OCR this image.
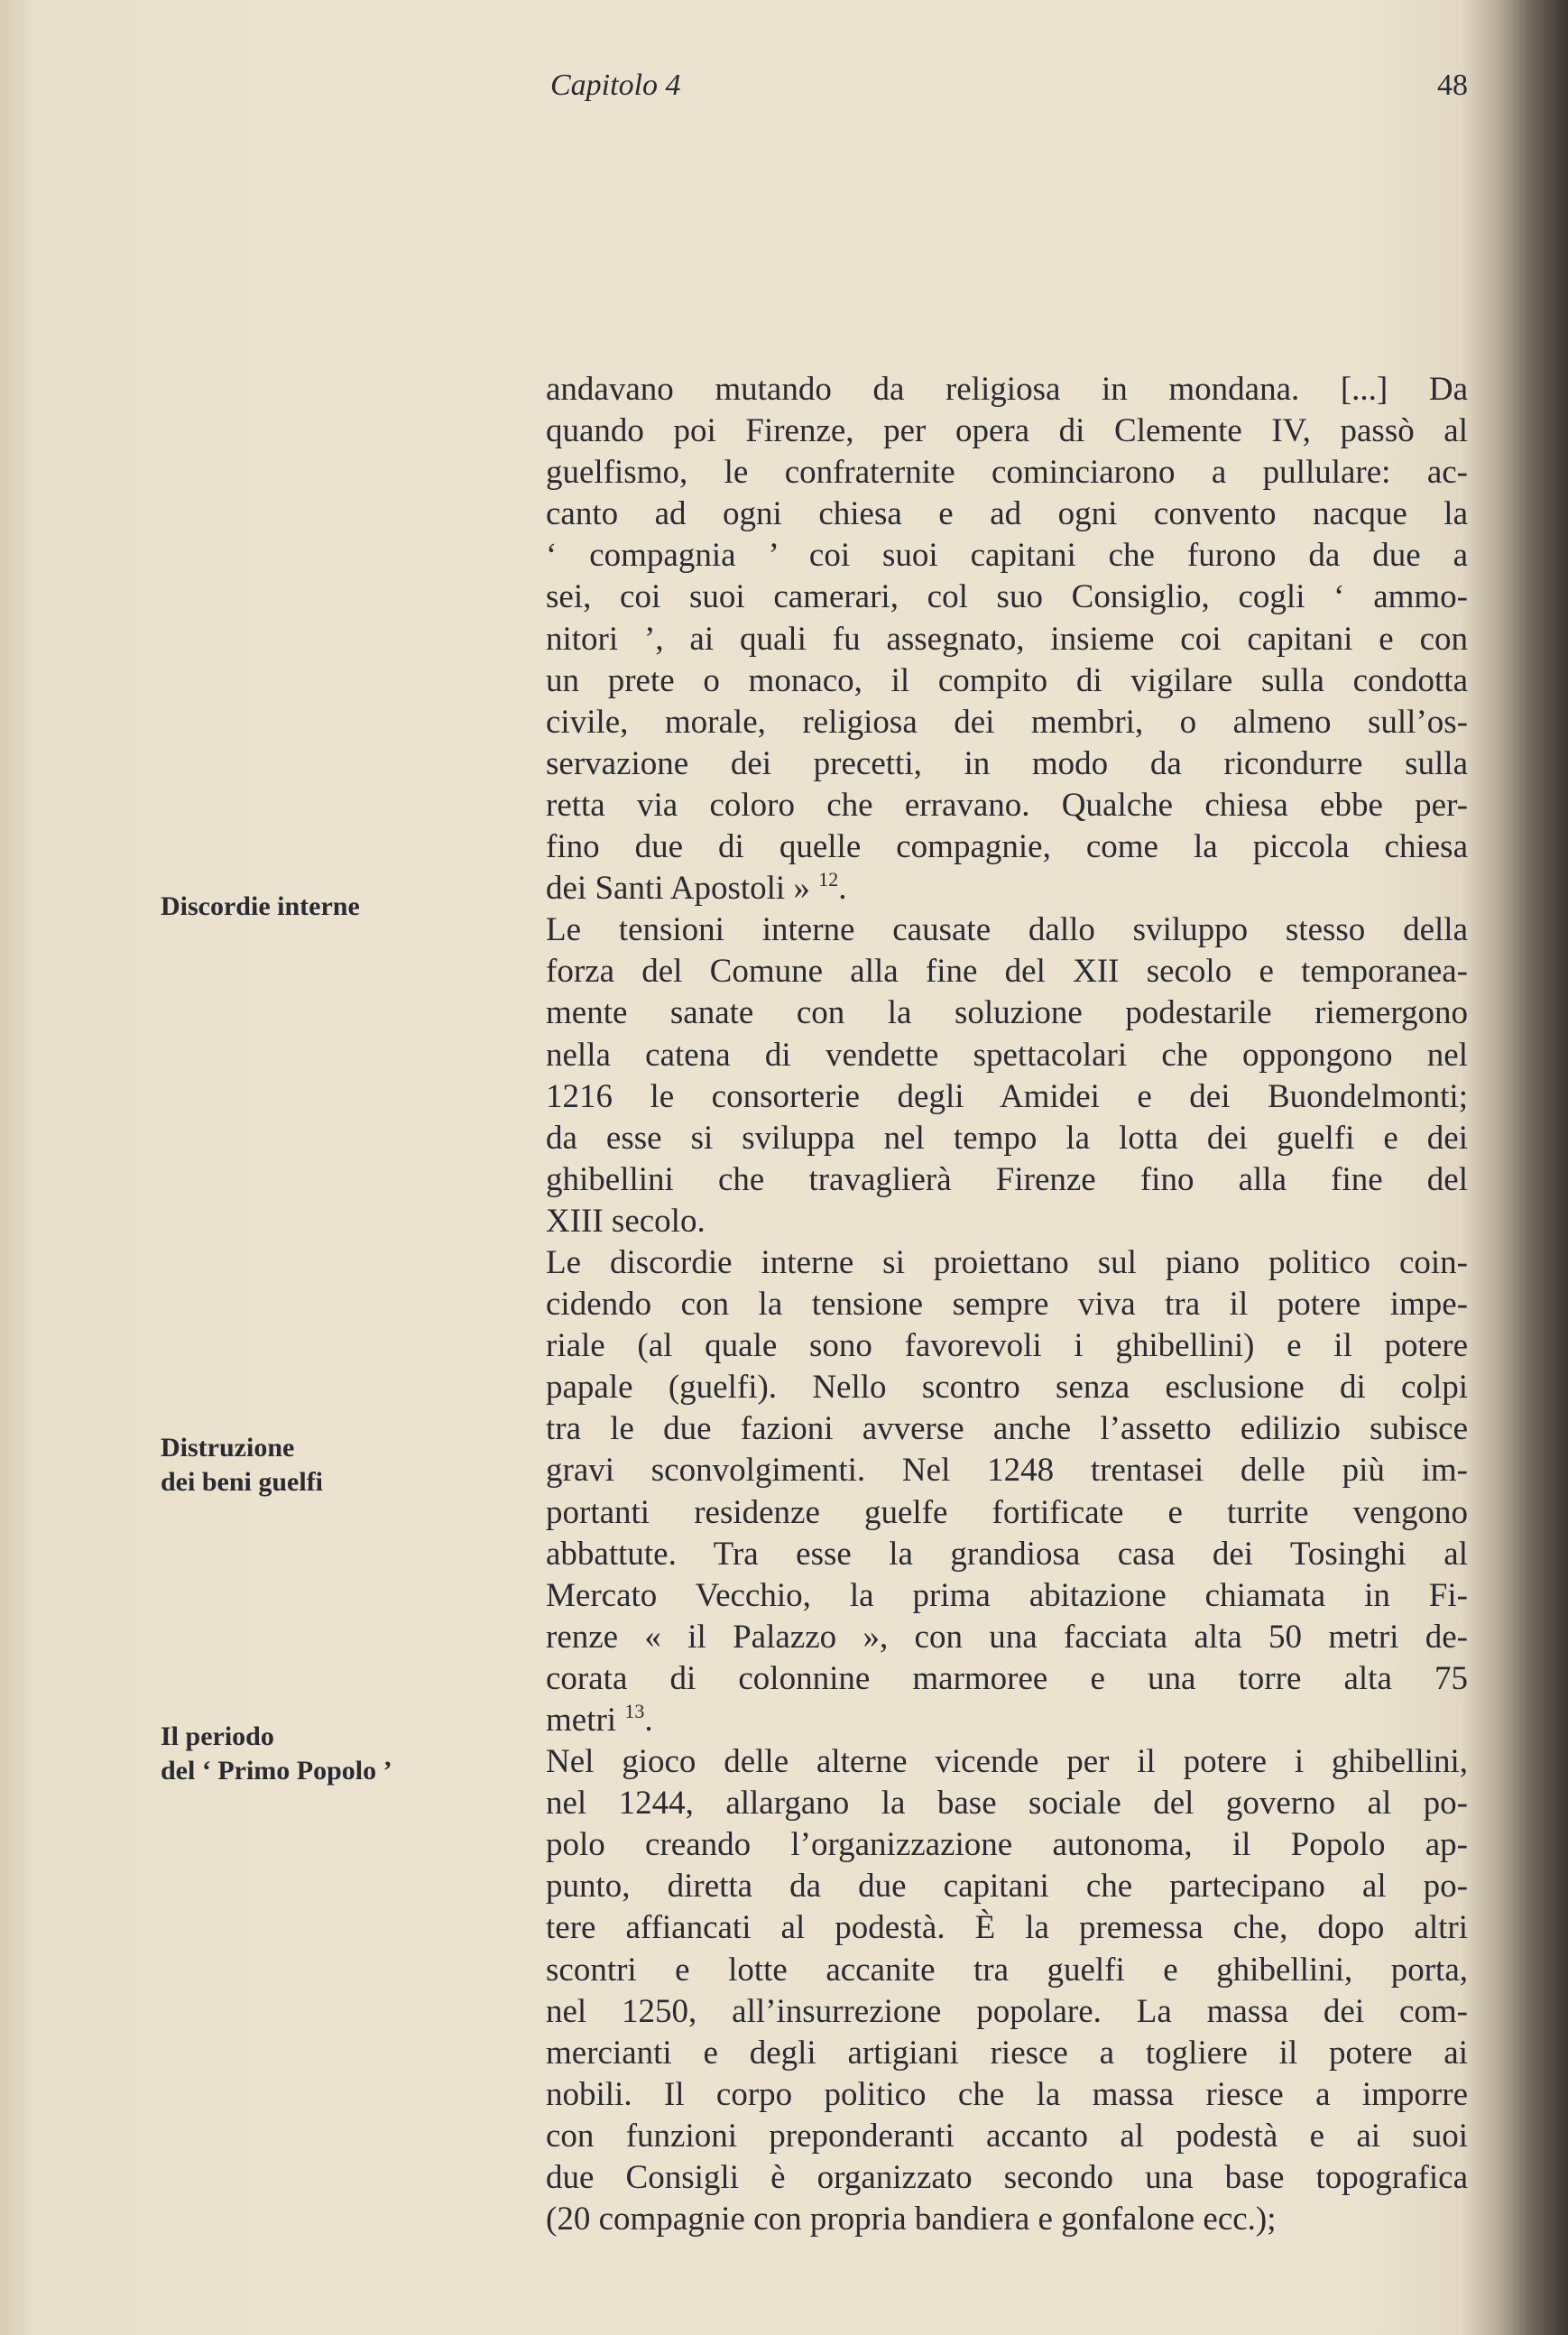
Capitolo 4	48
Discordie interne
Distruzione
dei beni guelfi
Il periodo
del ‘ Primo Popolo ’
andavano mutando da religiosa in mondana. [...] Da
quando poi Firenze, per opera di Clemente IV, passò al
guelfismo, le confraternite cominciarono a pullulare: ac-
canto ad ogni chiesa e ad ogni convento nacque la
‘ compagnia ’ coi suoi capitani che furono da due a
sei, coi suoi camerari, col suo Consiglio, cogli ‘ ammo-
nitori ’, ai quali fu assegnato, insieme coi capitani e con
un prete o monaco, il compito di vigilare sulla condotta
civile, morale, religiosa dei membri, o almeno sull’os-
servazione dei precetti, in modo da ricondurre sulla
retta via coloro che erravano. Qualche chiesa ebbe per-
fino due di quelle compagnie, come la piccola chiesa
dei Santi Apostoli » $^{12}$.
Le tensioni interne causate dallo sviluppo stesso della
forza del Comune alla fine del XII secolo e temporanea-
mente sanate con la soluzione podestarile riemergono
nella catena di vendette spettacolari che oppongono nel
1216 le consorterie degli Amidei e dei Buondelmonti;
da esse si sviluppa nel tempo la lotta dei guelfi e dei
ghibellini che travaglierà Firenze fino alla fine del
XIII secolo.
Le discordie interne si proiettano sul piano politico coin-
cidendo con la tensione sempre viva tra il potere impe-
riale (al quale sono favorevoli i ghibellini) e il potere
papale (guelfi). Nello scontro senza esclusione di colpi
tra le due fazioni avverse anche l’assetto edilizio subisce
gravi sconvolgimenti. Nel 1248 trentasei delle più im-
portanti residenze guelfe fortificate e turrite vengono
abbattute. Tra esse la grandiosa casa dei Tosinghi al
Mercato Vecchio, la prima abitazione chiamata in Fi-
renze « il Palazzo », con una facciata alta 50 metri de-
corata di colonnine marmoree e una torre alta 75
metri $^{13}$.
Nel gioco delle alterne vicende per il potere i ghibellini,
nel 1244, allargano la base sociale del governo al po-
polo creando l’organizzazione autonoma, il Popolo ap-
punto, diretta da due capitani che partecipano al po-
tere affiancati al podestà. È la premessa che, dopo altri
scontri e lotte accanite tra guelfi e ghibellini, porta,
nel 1250, all’insurrezione popolare. La massa dei com-
mercianti e degli artigiani riesce a togliere il potere ai
nobili. Il corpo politico che la massa riesce a imporre
con funzioni preponderanti accanto al podestà e ai suoi
due Consigli è organizzato secondo una base topografica
(20 compagnie con propria bandiera e gonfalone ecc.);
